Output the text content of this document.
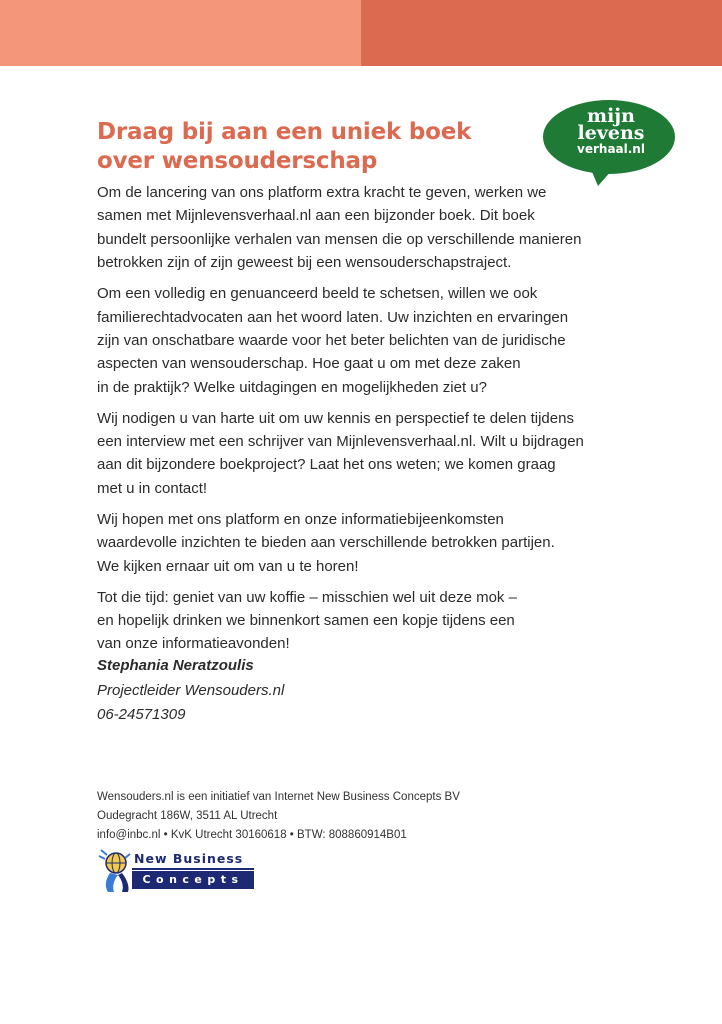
mijn
levens
verhaal.nl
Draag bij aan een uniek boek
over wensouderschap
Om de lancering van ons platform extra kracht te geven, werken we
samen met Mijnlevensverhaal.nl aan een bijzonder boek. Dit boek
bundelt persoonlijke verhalen van mensen die op verschillende manieren
betrokken zijn of zijn geweest bij een wensouderschapstraject.
Om een volledig en genuanceerd beeld te schetsen, willen we ook
familierechtadvocaten aan het woord laten. Uw inzichten en ervaringen
zijn van onschatbare waarde voor het beter belichten van de juridische
aspecten van wensouderschap. Hoe gaat u om met deze zaken
in de praktijk? Welke uitdagingen en mogelijkheden ziet u?
Wij nodigen u van harte uit om uw kennis en perspectief te delen tijdens
een interview met een schrijver van Mijnlevensverhaal.nl. Wilt u bijdragen
aan dit bijzondere boekproject? Laat het ons weten; we komen graag
met u in contact!
Wij hopen met ons platform en onze informatiebijeenkomsten
waardevolle inzichten te bieden aan verschillende betrokken partijen.
We kijken ernaar uit om van u te horen!
Tot die tijd: geniet van uw koffie – misschien wel uit deze mok –
en hopelijk drinken we binnenkort samen een kopje tijdens een
van onze informatieavonden!
Stephania Neratzoulis
Projectleider Wensouders.nl
06-24571309
Wensouders.nl is een initiatief van Internet New Business Concepts BV
Oudegracht 186W, 3511 AL Utrecht
info@inbc.nl • KvK Utrecht 30160618 • BTW: 808860914B01
New Business
Concepts
